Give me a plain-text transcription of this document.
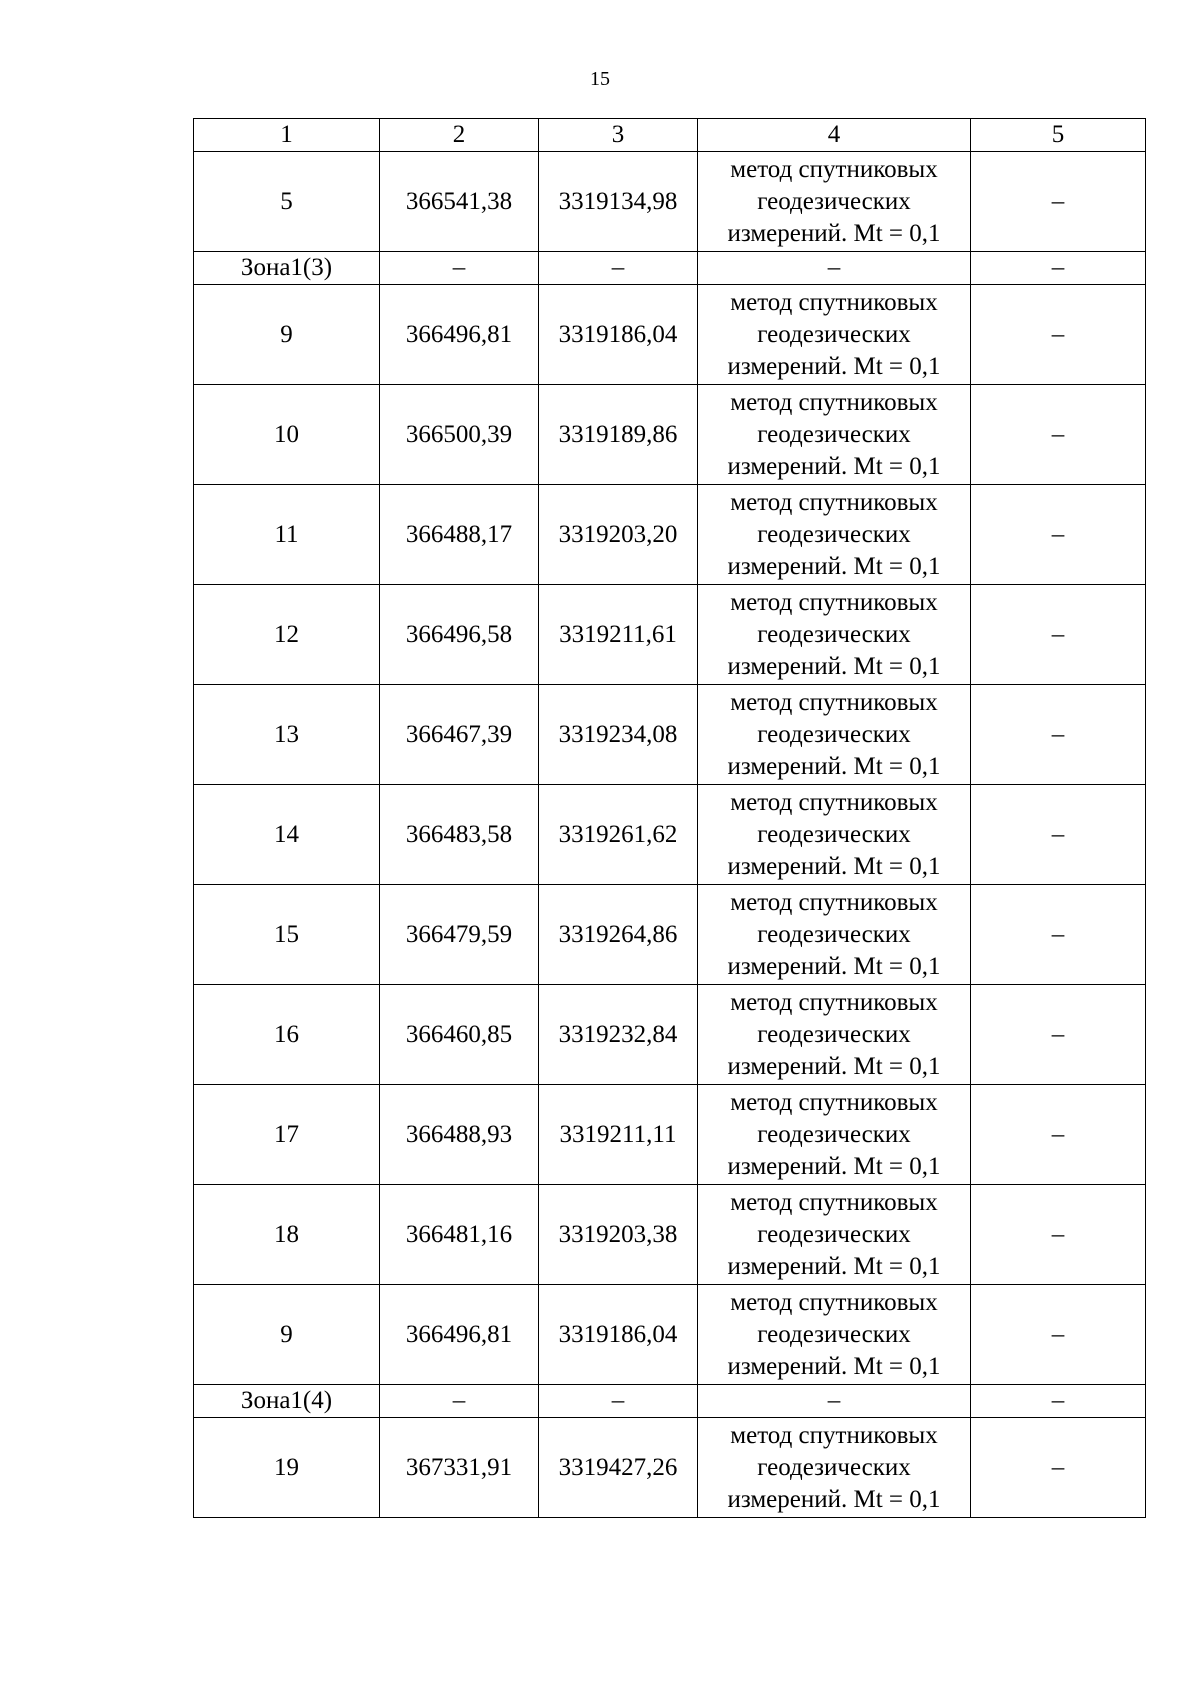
15
1	2	3	4	5
5	366541,38	3319134,98	метод спутниковых
геодезических
измерений. Mt = 0,1	–
Зона1(3)	–	–	–	–
9	366496,81	3319186,04	метод спутниковых
геодезических
измерений. Mt = 0,1	–
10	366500,39	3319189,86	метод спутниковых
геодезических
измерений. Mt = 0,1	–
11	366488,17	3319203,20	метод спутниковых
геодезических
измерений. Mt = 0,1	–
12	366496,58	3319211,61	метод спутниковых
геодезических
измерений. Mt = 0,1	–
13	366467,39	3319234,08	метод спутниковых
геодезических
измерений. Mt = 0,1	–
14	366483,58	3319261,62	метод спутниковых
геодезических
измерений. Mt = 0,1	–
15	366479,59	3319264,86	метод спутниковых
геодезических
измерений. Mt = 0,1	–
16	366460,85	3319232,84	метод спутниковых
геодезических
измерений. Mt = 0,1	–
17	366488,93	3319211,11	метод спутниковых
геодезических
измерений. Mt = 0,1	–
18	366481,16	3319203,38	метод спутниковых
геодезических
измерений. Mt = 0,1	–
9	366496,81	3319186,04	метод спутниковых
геодезических
измерений. Mt = 0,1	–
Зона1(4)	–	–	–	–
19	367331,91	3319427,26	метод спутниковых
геодезических
измерений. Mt = 0,1	–
